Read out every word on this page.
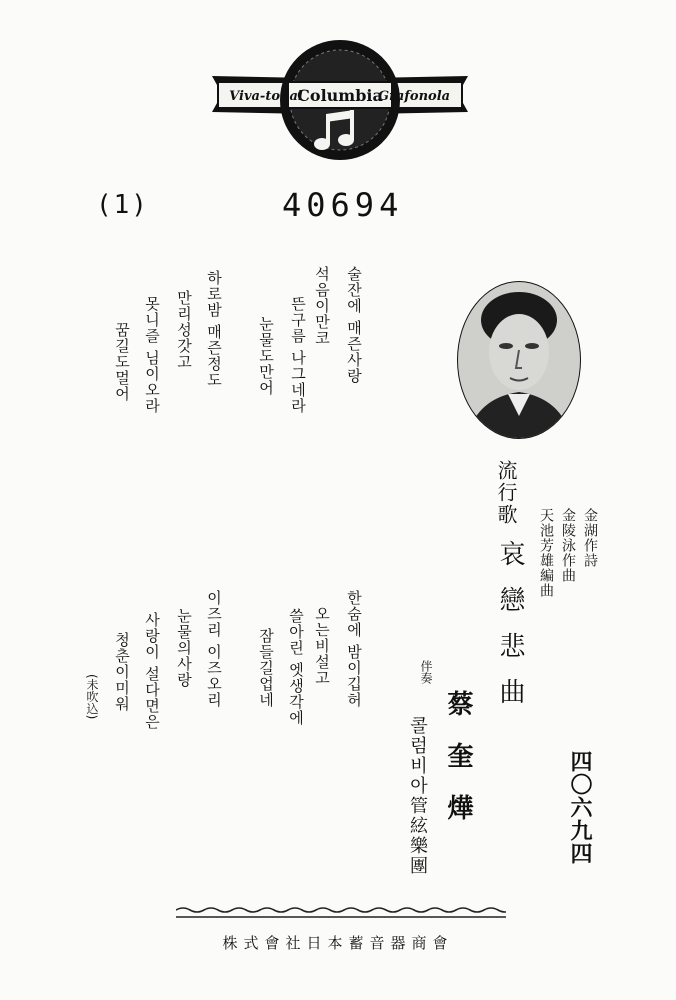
Viva-tonal	Grafonola
Columbia
(1)	40694
술잔에 매즌사랑
석음이만코
뜬구름 나그네라
눈물도만어
하로밤 매즌정도
만리성갓고
못니즐 님이오라
꿈길도멀어
流行歌
哀戀悲曲
金湖作詩
金陵泳作曲
天池芳雄編曲
蔡奎燁
伴奏
콜럼비아管絃樂團	四〇六九四
한숨에 밤이깁허
오는비설고
쓸아린 엣생각에
잠들길업네
이즈리 이즈오리
눈물의사랑
사랑이 설다면은
청춘이미워
(未吹込)
株式會社日本蓄音器商會
